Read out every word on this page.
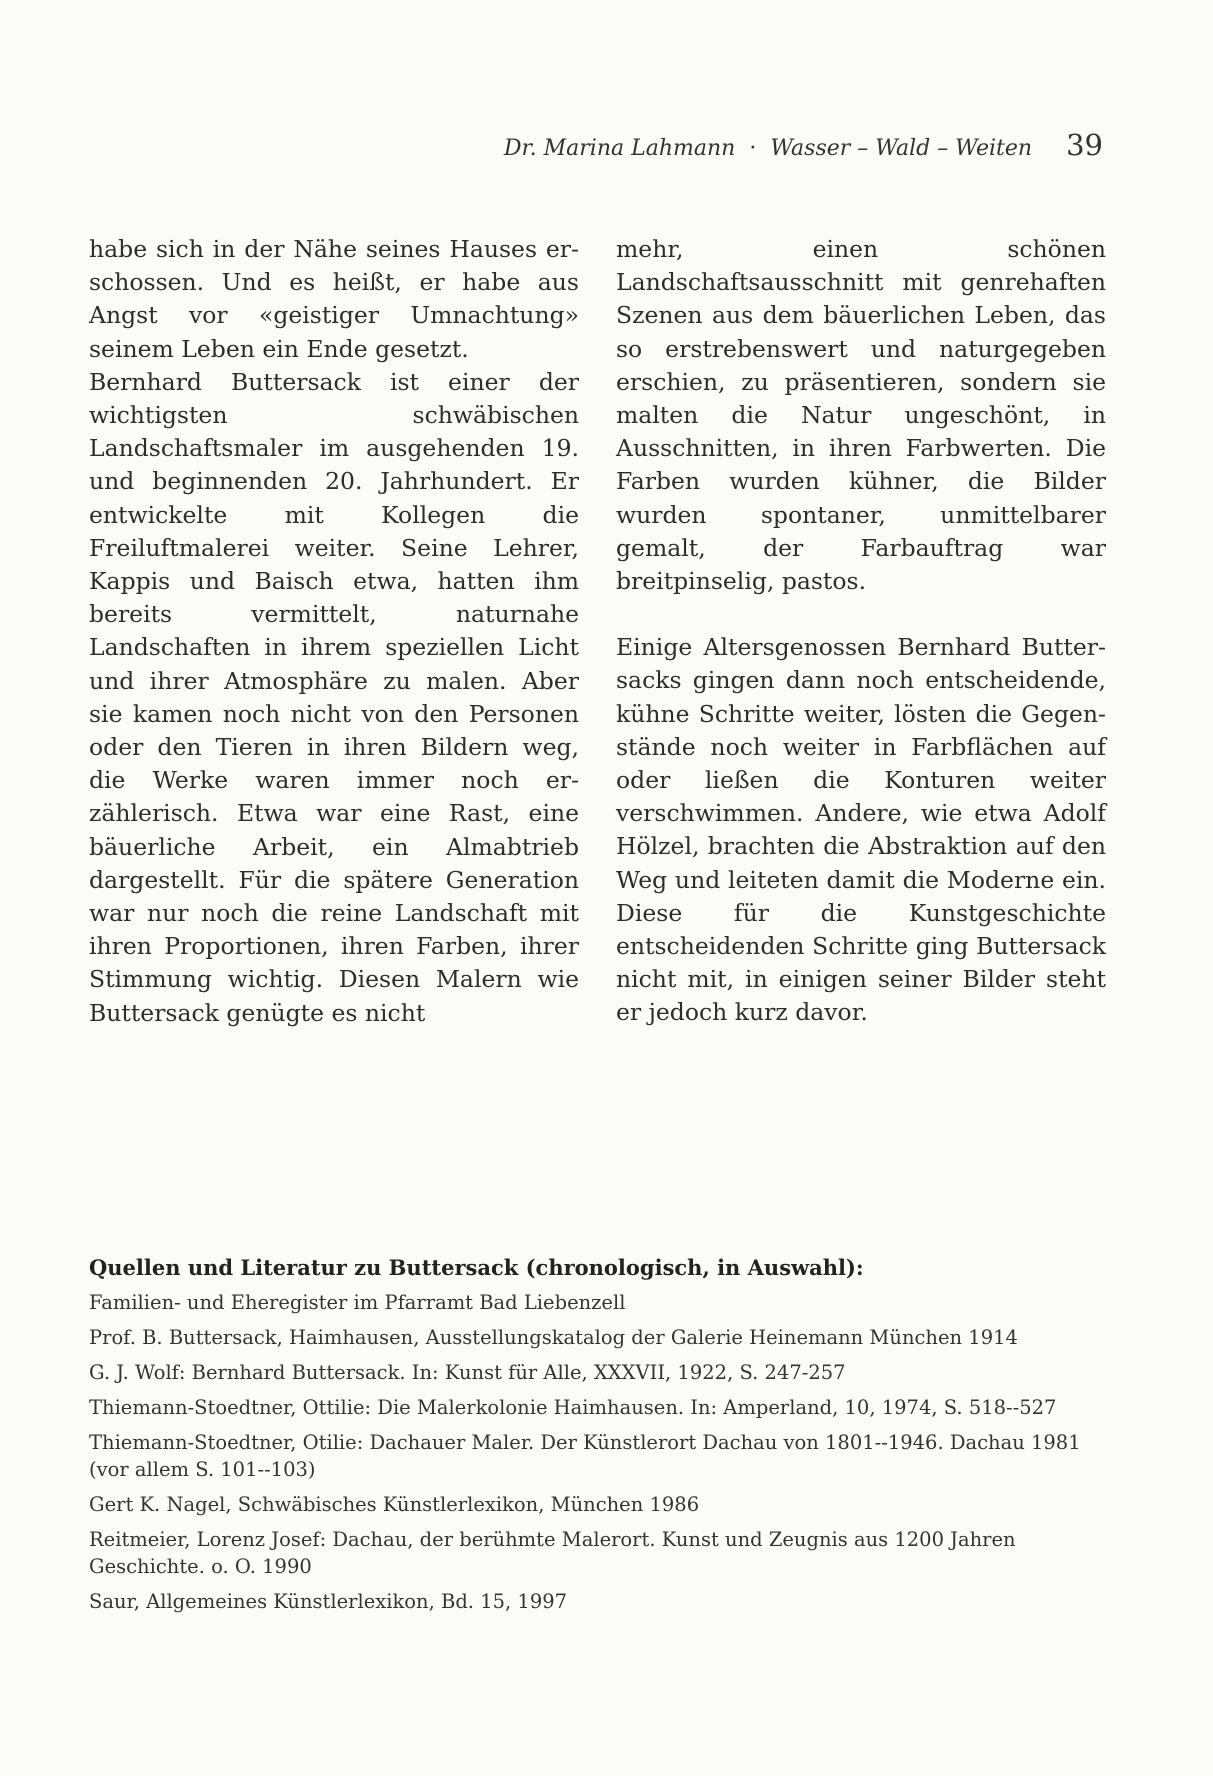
Dr. Marina Lahmann · Wasser – Wald – Weiten 39

habe sich in der Nähe seines Hauses erschossen. Und es heißt, er habe aus Angst vor «geistiger Umnachtung» seinem Leben ein Ende gesetzt.

Bernhard Buttersack ist einer der wichtigsten schwäbischen Landschaftsmaler im ausgehenden 19. und beginnenden 20. Jahrhundert. Er entwickelte mit Kollegen die Freiluftmalerei weiter. Seine Lehrer, Kappis und Baisch etwa, hatten ihm bereits vermittelt, naturnahe Landschaften in ihrem speziellen Licht und ihrer Atmosphäre zu malen. Aber sie kamen noch nicht von den Personen oder den Tieren in ihren Bildern weg, die Werke waren immer noch erzählerisch. Etwa war eine Rast, eine bäuerliche Arbeit, ein Almabtrieb dargestellt. Für die spätere Generation war nur noch die reine Landschaft mit ihren Proportionen, ihren Farben, ihrer Stimmung wichtig. Diesen Malern wie Buttersack genügte es nicht

mehr, einen schönen Landschaftsausschnitt mit genrehaften Szenen aus dem bäuerlichen Leben, das so erstrebenswert und naturgegeben erschien, zu präsentieren, sondern sie malten die Natur ungeschönt, in Ausschnitten, in ihren Farbwerten. Die Farben wurden kühner, die Bilder wurden spontaner, unmittelbarer gemalt, der Farbauftrag war breitpinselig, pastos.

Einige Altersgenossen Bernhard Buttersacks gingen dann noch entscheidende, kühne Schritte weiter, lösten die Gegenstände noch weiter in Farbflächen auf oder ließen die Konturen weiter verschwimmen. Andere, wie etwa Adolf Hölzel, brachten die Abstraktion auf den Weg und leiteten damit die Moderne ein. Diese für die Kunstgeschichte entscheidenden Schritte ging Buttersack nicht mit, in einigen seiner Bilder steht er jedoch kurz davor.

Quellen und Literatur zu Buttersack (chronologisch, in Auswahl):
Familien- und Eheregister im Pfarramt Bad Liebenzell
Prof. B. Buttersack, Haimhausen, Ausstellungskatalog der Galerie Heinemann München 1914
G. J. Wolf: Bernhard Buttersack. In: Kunst für Alle, XXXVII, 1922, S. 247-257
Thiemann-Stoedtner, Ottilie: Die Malerkolonie Haimhausen. In: Amperland, 10, 1974, S. 518--527
Thiemann-Stoedtner, Otilie: Dachauer Maler. Der Künstlerort Dachau von 1801--1946. Dachau 1981 (vor allem S. 101--103)
Gert K. Nagel, Schwäbisches Künstlerlexikon, München 1986
Reitmeier, Lorenz Josef: Dachau, der berühmte Malerort. Kunst und Zeugnis aus 1200 Jahren Geschichte. o. O. 1990
Saur, Allgemeines Künstlerlexikon, Bd. 15, 1997
